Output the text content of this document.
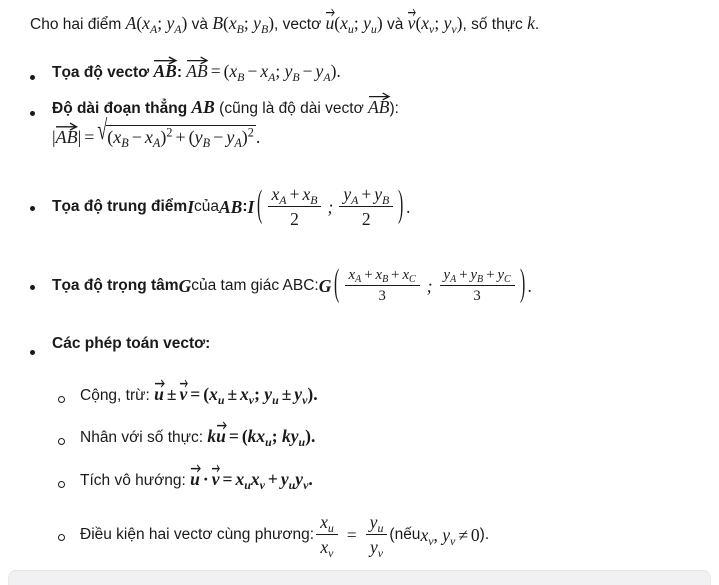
Cho hai điểm $A(x_A$; $y_A$) và $B(x_B$; $y_B$), vectơ
$u(x_u$; $y_u$) và
$v(x_v$; $y_v$), số thực k.
Tọa độ vectơ
AB:
AB = ($x_B - x_A$; $y_B - y_A$).
Độ dài đoạn thẳng AB (cũng là độ dài vectơ
AB):
|
$AB| = √(x_B - x_A)^2 + (y_B - y_A)^2$ .
Tọa độ trung điểm I của AB : I ( $\frac{x_A + x_B}{2}$ ; $\frac{y_A + y_B}{2}$ ) .
Tọa độ trọng tâm G của tam giác ABC: G ( $\frac{x_A + x_B + x_C}{3}$ ; $\frac{y_A + y_B + y_C}{3}$ ) .
Các phép toán vectơ:
Cộng, trừ:
$u \pm v = (x_u \pm x_v$; $y_u \pm y_v$).
Nhân với số thực: k
$u = (kx_u$; $ky_u$).
Tích vô hướng:
$u \cdot v = x_ux_v + y_uy_v$.
Điều kiện hai vectơ cùng phương: $\frac{x_u}{x_v} = \frac{y_u}{y_v}$ (nếu $x_v$, $y_v \ne 0$ ) .
